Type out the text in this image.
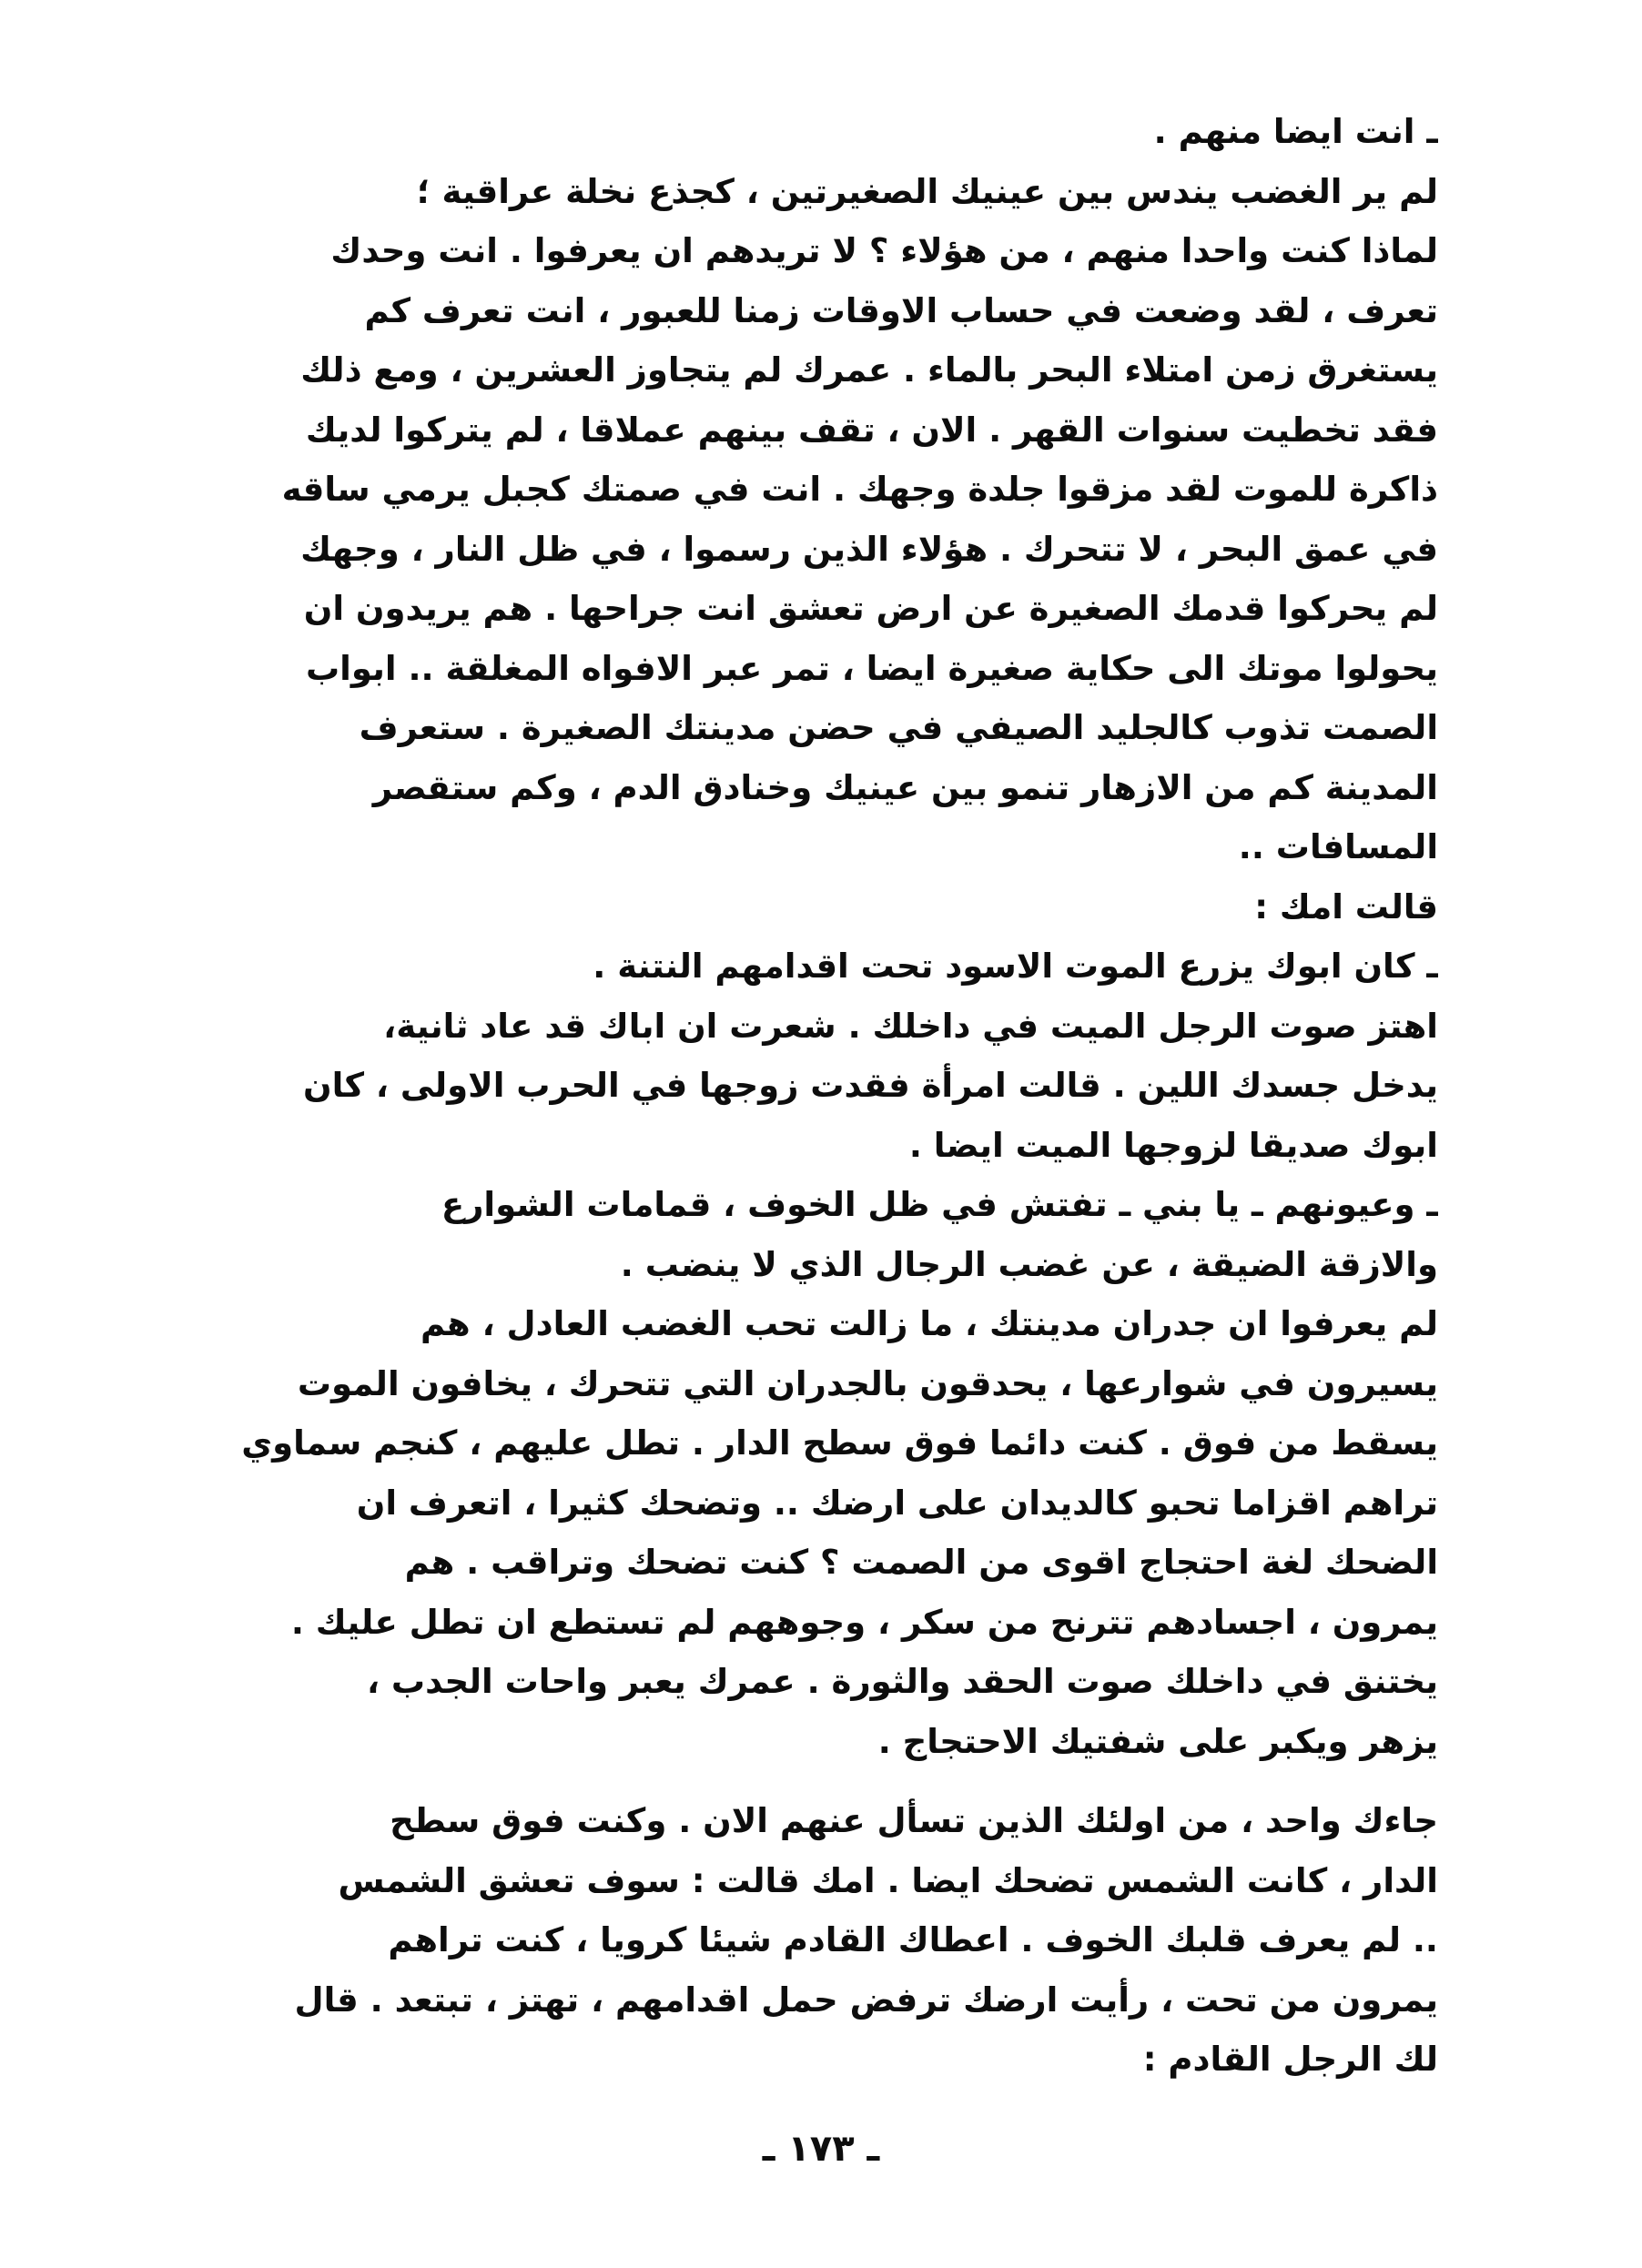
ـ انت ايضا منهم .
لم ير الغضب يندس بين عينيك الصغيرتين ، كجذع نخلة عراقية ؛
لماذا كنت واحدا منهم ، من هؤلاء ؟ لا تريدهم ان يعرفوا . انت وحدك
تعرف ، لقد وضعت في حساب الاوقات زمنا للعبور ، انت تعرف كم
يستغرق زمن امتلاء البحر بالماء . عمرك لم يتجاوز العشرين ، ومع ذلك
فقد تخطيت سنوات القهر . الان ، تقف بينهم عملاقا ، لم يتركوا لديك
ذاكرة للموت لقد مزقوا جلدة وجهك . انت في صمتك كجبل يرمي ساقه
في عمق البحر ، لا تتحرك . هؤلاء الذين رسموا ، في ظل النار ، وجهك
لم يحركوا قدمك الصغيرة عن ارض تعشق انت جراحها . هم يريدون ان
يحولوا موتك الى حكاية صغيرة ايضا ، تمر عبر الافواه المغلقة .. ابواب
الصمت تذوب كالجليد الصيفي في حضن مدينتك الصغيرة . ستعرف
المدينة كم من الازهار تنمو بين عينيك وخنادق الدم ، وكم ستقصر
المسافات ..
قالت امك :
ـ كان ابوك يزرع الموت الاسود تحت اقدامهم النتنة .
اهتز صوت الرجل الميت في داخلك . شعرت ان اباك قد عاد ثانية،
يدخل جسدك اللين . قالت امرأة فقدت زوجها في الحرب الاولى ، كان
ابوك صديقا لزوجها الميت ايضا .
ـ وعيونهم ـ يا بني ـ تفتش في ظل الخوف ، قمامات الشوارع
والازقة الضيقة ، عن غضب الرجال الذي لا ينضب .
لم يعرفوا ان جدران مدينتك ، ما زالت تحب الغضب العادل ، هم
يسيرون في شوارعها ، يحدقون بالجدران التي تتحرك ، يخافون الموت
يسقط من فوق . كنت دائما فوق سطح الدار . تطل عليهم ، كنجم سماوي
تراهم اقزاما تحبو كالديدان على ارضك .. وتضحك كثيرا ، اتعرف ان
الضحك لغة احتجاج اقوى من الصمت ؟ كنت تضحك وتراقب . هم
يمرون ، اجسادهم تترنح من سكر ، وجوههم لم تستطع ان تطل عليك .
يختنق في داخلك صوت الحقد والثورة . عمرك يعبر واحات الجدب ،
يزهر ويكبر على شفتيك الاحتجاج .
جاءك واحد ، من اولئك الذين تسأل عنهم الان . وكنت فوق سطح
الدار ، كانت الشمس تضحك ايضا . امك قالت : سوف تعشق الشمس
.. لم يعرف قلبك الخوف . اعطاك القادم شيئا كرويا ، كنت تراهم
يمرون من تحت ، رأيت ارضك ترفض حمل اقدامهم ، تهتز ، تبتعد . قال
لك الرجل القادم :
ـ ١٧٣ ـ
